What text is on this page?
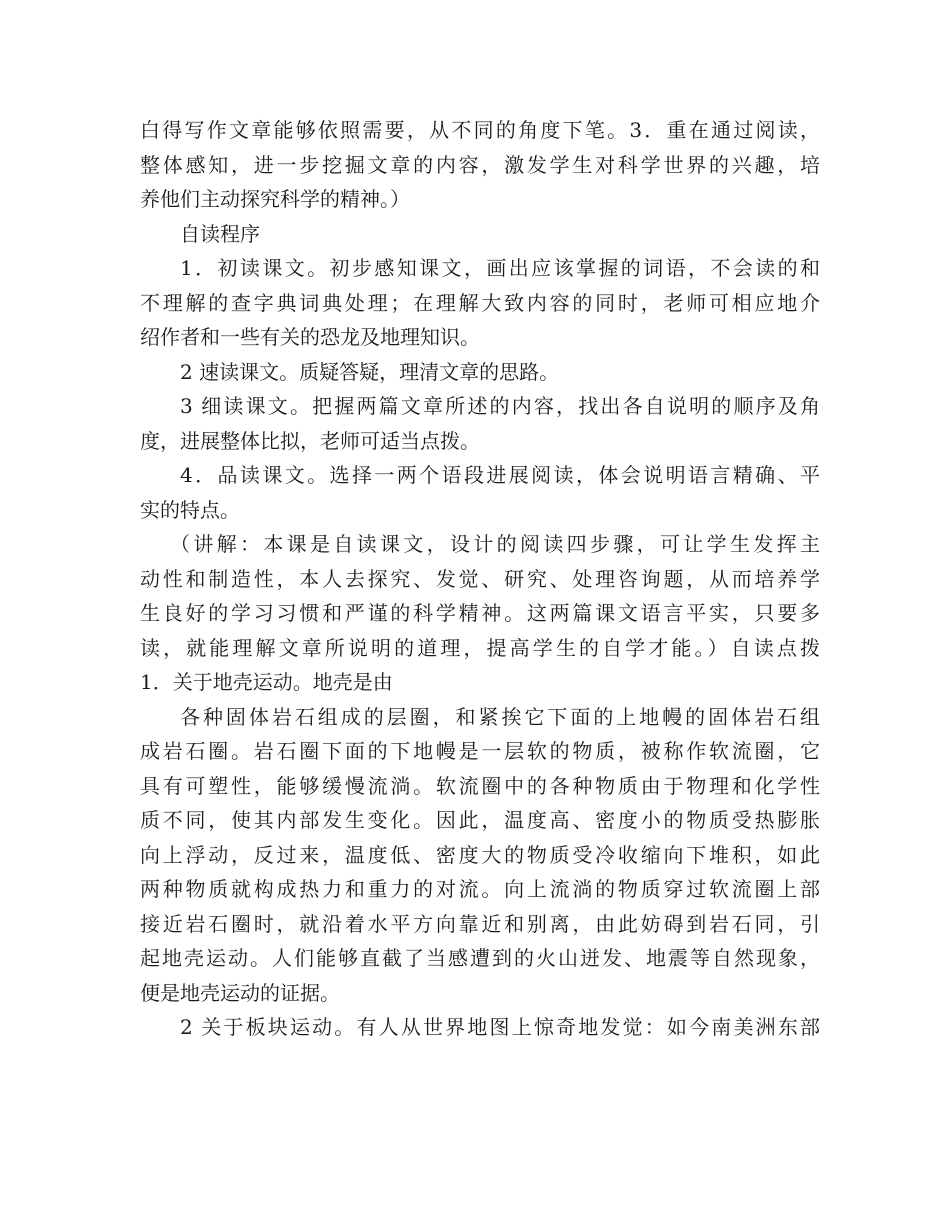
白得写作文章能够依照需要，从不同的角度下笔。3．重在通过阅读，
整体感知，进一步挖掘文章的内容，激发学生对科学世界的兴趣，培
养他们主动探究科学的精神。）
自读程序
1．初读课文。初步感知课文，画出应该掌握的词语，不会读的和
不理解的查字典词典处理；在理解大致内容的同时，老师可相应地介
绍作者和一些有关的恐龙及地理知识。
2 速读课文。质疑答疑，理清文章的思路。
3 细读课文。把握两篇文章所述的内容，找出各自说明的顺序及角
度，进展整体比拟，老师可适当点拨。
4．品读课文。选择一两个语段进展阅读，体会说明语言精确、平
实的特点。
（讲解：本课是自读课文，设计的阅读四步骤，可让学生发挥主
动性和制造性，本人去探究、发觉、研究、处理咨询题，从而培养学
生良好的学习习惯和严谨的科学精神。这两篇课文语言平实，只要多
读，就能理解文章所说明的道理，提高学生的自学才能。）自读点拨
1．关于地壳运动。地壳是由
各种固体岩石组成的层圈，和紧挨它下面的上地幔的固体岩石组
成岩石圈。岩石圈下面的下地幔是一层软的物质，被称作软流圈，它
具有可塑性，能够缓慢流淌。软流圈中的各种物质由于物理和化学性
质不同，使其内部发生变化。因此，温度高、密度小的物质受热膨胀
向上浮动，反过来，温度低、密度大的物质受冷收缩向下堆积，如此
两种物质就构成热力和重力的对流。向上流淌的物质穿过软流圈上部
接近岩石圈时，就沿着水平方向靠近和别离，由此妨碍到岩石同，引
起地壳运动。人们能够直截了当感遭到的火山迸发、地震等自然现象，
便是地壳运动的证据。
2 关于板块运动。有人从世界地图上惊奇地发觉：如今南美洲东部
